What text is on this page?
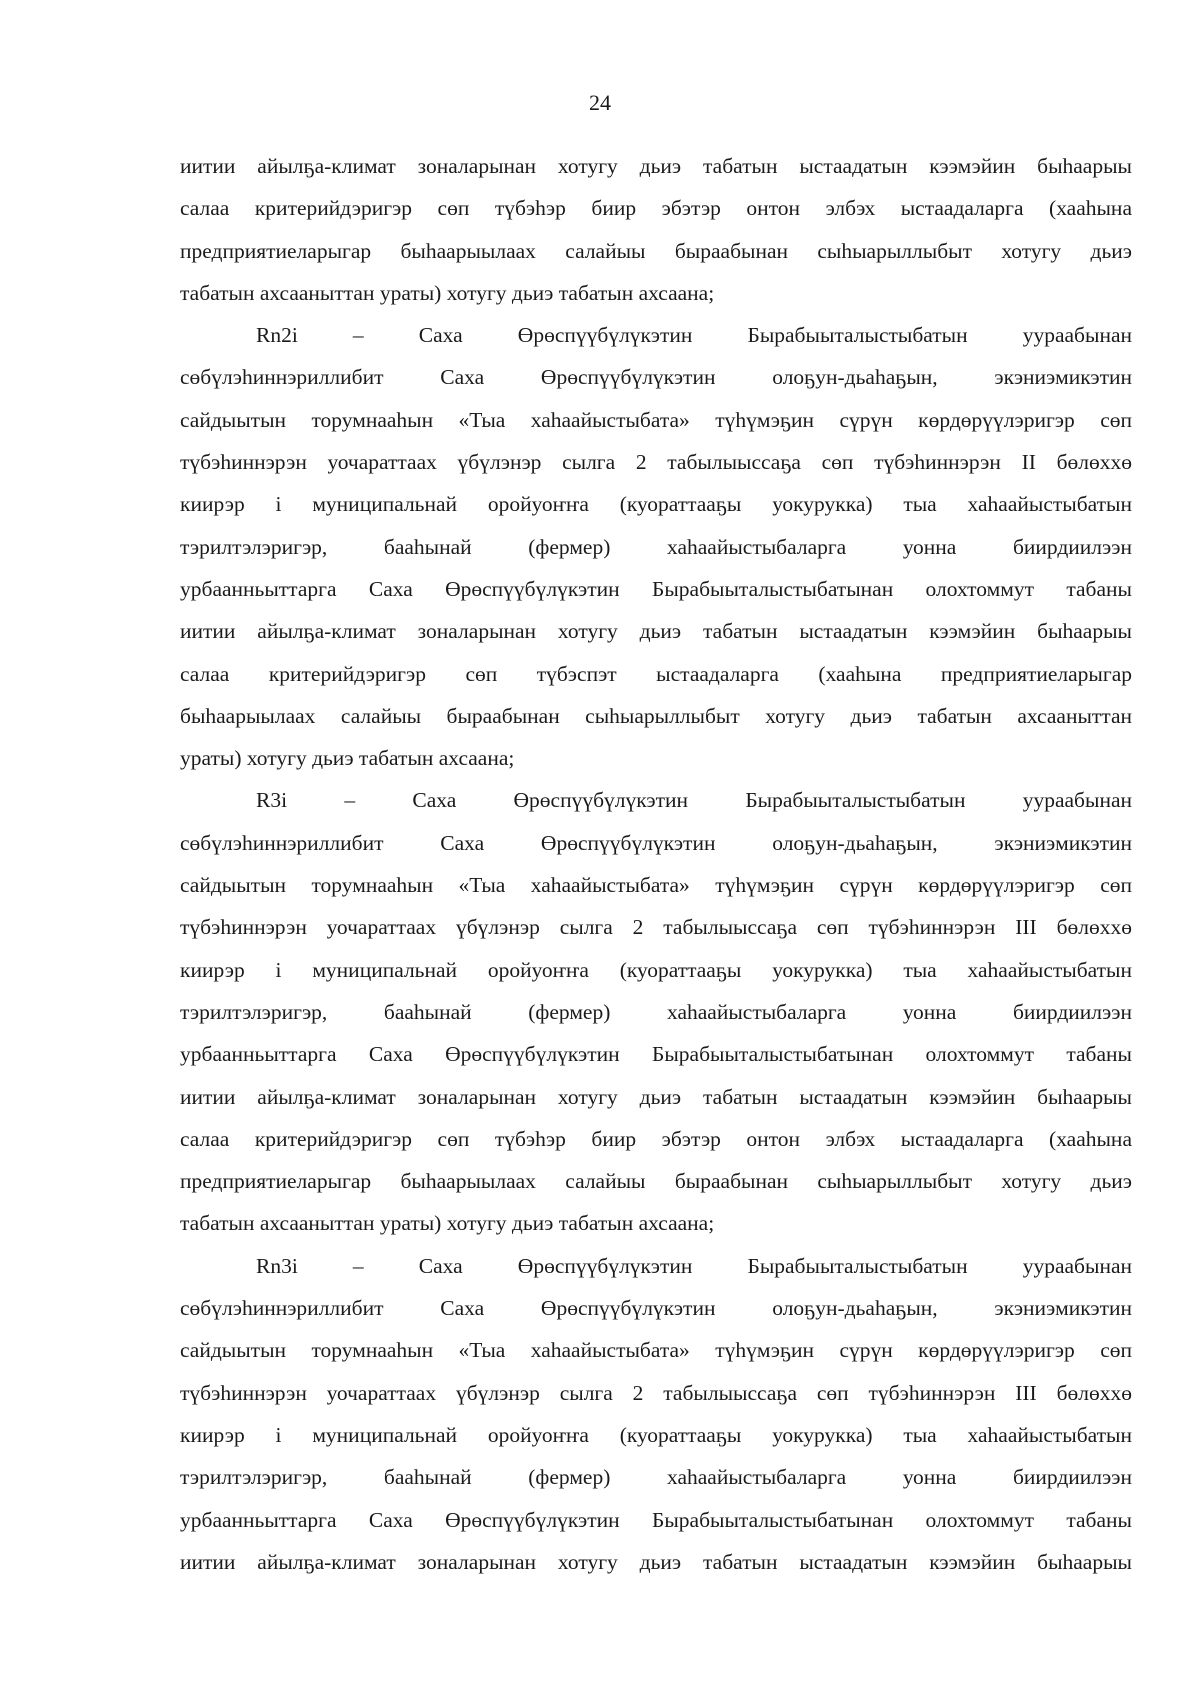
24
иитии айылҕа-климат зоналарынан хотугу дьиэ табатын ыстаадатын кээмэйин быһаарыы
салаа критерийдэригэр сөп түбэһэр биир эбэтэр онтон элбэх ыстаадаларга (хааһына
предприятиеларыгар быһаарыылаах салайыы быраабынан сыһыарыллыбыт хотугу дьиэ
табатын ахсааныттан ураты) хотугу дьиэ табатын ахсаана;
Rn2i – Саха Өрөспүүбүлүкэтин Бырабыыталыстыбатын уураабынан
сөбүлэһиннэриллибит Саха Өрөспүүбүлүкэтин олоҕун-дьаһаҕын, экэниэмикэтин
сайдыытын торумнааһын «Тыа хаһаайыстыбата» түһүмэҕин сүрүн көрдөрүүлэригэр сөп
түбэһиннэрэн уочараттаах үбүлэнэр сылга 2 табылыыссаҕа сөп түбэһиннэрэн II бөлөххө
киирэр i муниципальнай оройуоҥҥа (куораттааҕы уокурукка) тыа хаһаайыстыбатын
тэрилтэлэригэр, бааһынай (фермер) хаһаайыстыбаларга уонна биирдиилээн
урбаанньыттарга Саха Өрөспүүбүлүкэтин Бырабыыталыстыбатынан олохтоммут табаны
иитии айылҕа-климат зоналарынан хотугу дьиэ табатын ыстаадатын кээмэйин быһаарыы
салаа критерийдэригэр сөп түбэспэт ыстаадаларга (хааһына предприятиеларыгар
быһаарыылаах салайыы быраабынан сыһыарыллыбыт хотугу дьиэ табатын ахсааныттан
ураты) хотугу дьиэ табатын ахсаана;
R3i – Саха Өрөспүүбүлүкэтин Бырабыыталыстыбатын уураабынан
сөбүлэһиннэриллибит Саха Өрөспүүбүлүкэтин олоҕун-дьаһаҕын, экэниэмикэтин
сайдыытын торумнааһын «Тыа хаһаайыстыбата» түһүмэҕин сүрүн көрдөрүүлэригэр сөп
түбэһиннэрэн уочараттаах үбүлэнэр сылга 2 табылыыссаҕа сөп түбэһиннэрэн III бөлөххө
киирэр i муниципальнай оройуоҥҥа (куораттааҕы уокурукка) тыа хаһаайыстыбатын
тэрилтэлэригэр, бааһынай (фермер) хаһаайыстыбаларга уонна биирдиилээн
урбаанньыттарга Саха Өрөспүүбүлүкэтин Бырабыыталыстыбатынан олохтоммут табаны
иитии айылҕа-климат зоналарынан хотугу дьиэ табатын ыстаадатын кээмэйин быһаарыы
салаа критерийдэригэр сөп түбэһэр биир эбэтэр онтон элбэх ыстаадаларга (хааһына
предприятиеларыгар быһаарыылаах салайыы быраабынан сыһыарыллыбыт хотугу дьиэ
табатын ахсааныттан ураты) хотугу дьиэ табатын ахсаана;
Rn3i – Саха Өрөспүүбүлүкэтин Бырабыыталыстыбатын уураабынан
сөбүлэһиннэриллибит Саха Өрөспүүбүлүкэтин олоҕун-дьаһаҕын, экэниэмикэтин
сайдыытын торумнааһын «Тыа хаһаайыстыбата» түһүмэҕин сүрүн көрдөрүүлэригэр сөп
түбэһиннэрэн уочараттаах үбүлэнэр сылга 2 табылыыссаҕа сөп түбэһиннэрэн III бөлөххө
киирэр i муниципальнай оройуоҥҥа (куораттааҕы уокурукка) тыа хаһаайыстыбатын
тэрилтэлэригэр, бааһынай (фермер) хаһаайыстыбаларга уонна биирдиилээн
урбаанньыттарга Саха Өрөспүүбүлүкэтин Бырабыыталыстыбатынан олохтоммут табаны
иитии айылҕа-климат зоналарынан хотугу дьиэ табатын ыстаадатын кээмэйин быһаарыы
